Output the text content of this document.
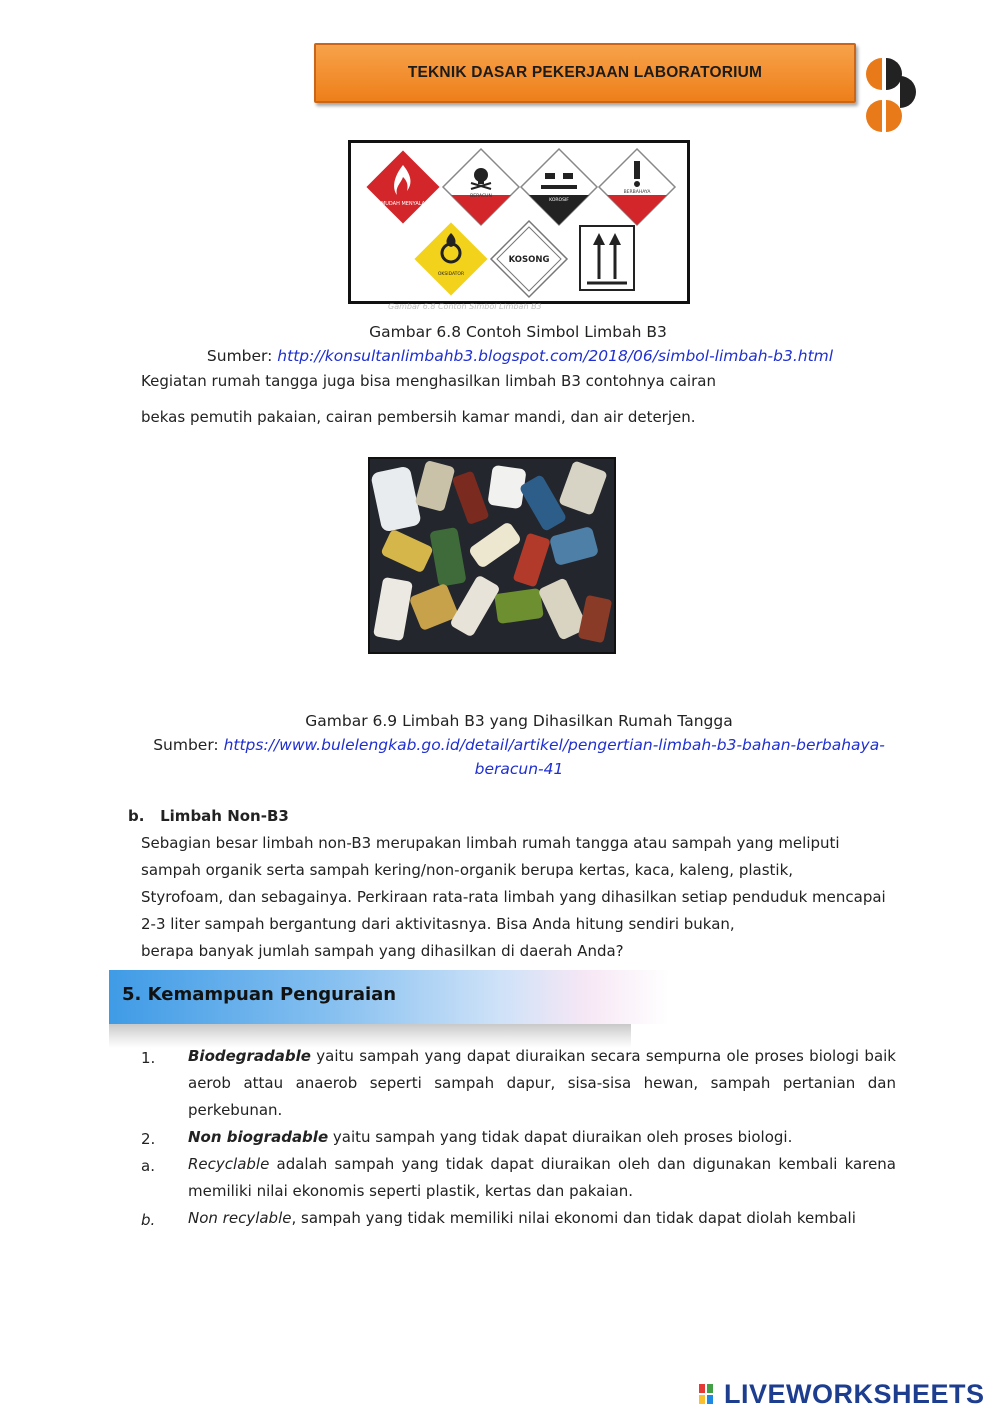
TEKNIK DASAR PEKERJAAN LABORATORIUM
MUDAH MENYALA
BERACUN
KOROSIF
BERBAHAYA
OKSIDATOR
KOSONG
Gambar 6.8 Contoh Simbol Limbah B3
Gambar 6.8 Contoh Simbol Limbah B3
Sumber: http://konsultanlimbahb3.blogspot.com/2018/06/simbol-limbah-b3.html
Kegiatan rumah tangga juga bisa menghasilkan limbah B3 contohnya cairan
bekas pemutih pakaian, cairan pembersih kamar mandi, dan air deterjen.
Gambar 6.9 Limbah B3 yang Dihasilkan Rumah Tangga
Sumber: https://www.bulelengkab.go.id/detail/artikel/pengertian-limbah-b3-bahan-berbahaya-
beracun-41
b. Limbah Non-B3
Sebagian besar limbah non-B3 merupakan limbah rumah tangga atau sampah yang meliputi
sampah organik serta sampah kering/non-organik berupa kertas, kaca, kaleng, plastik,
Styrofoam, dan sebagainya. Perkiraan rata-rata limbah yang dihasilkan setiap penduduk mencapai
2-3 liter sampah bergantung dari aktivitasnya. Bisa Anda hitung sendiri bukan,
berapa banyak jumlah sampah yang dihasilkan di daerah Anda?
5. Kemampuan Penguraian
1. Biodegradable yaitu sampah yang dapat diuraikan secara sempurna ole proses biologi baik aerob attau anaerob seperti sampah dapur, sisa-sisa hewan, sampah pertanian dan perkebunan.
2. Non biogradable yaitu sampah yang tidak dapat diuraikan oleh proses biologi.
a. Recyclable adalah sampah yang tidak dapat diuraikan oleh dan digunakan kembali karena memiliki nilai ekonomis seperti plastik, kertas dan pakaian.
b. Non recylable, sampah yang tidak memiliki nilai ekonomi dan tidak dapat diolah kembali
LIVEWORKSHEETS
